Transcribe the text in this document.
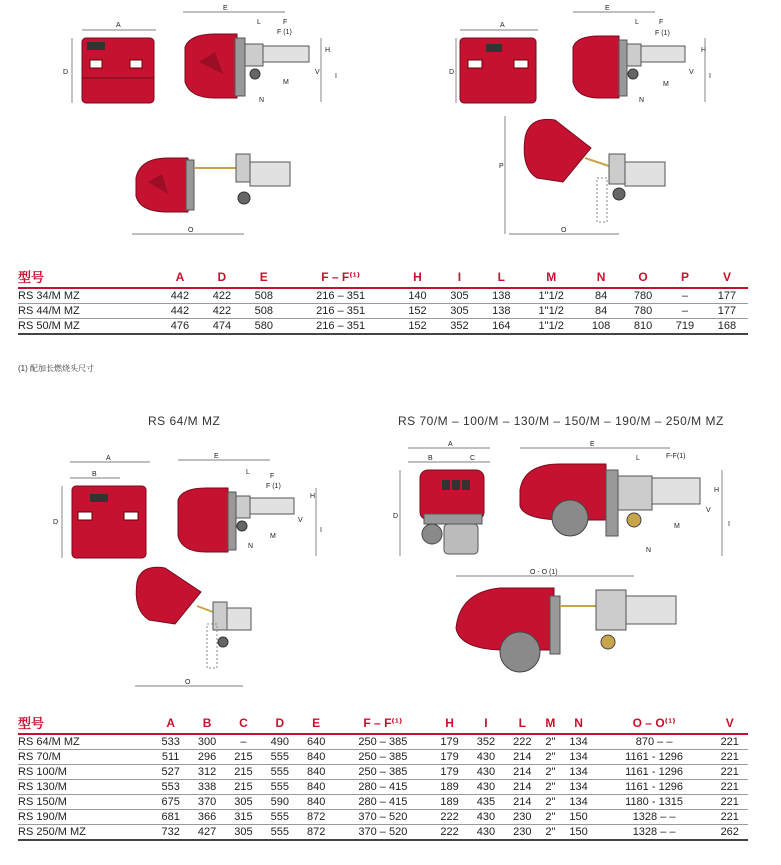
A
D
E
L	F
F (1)
H
I
V
M
N
O
A
D
E
L	F
F (1)
H
I
V
M
N
P
O
型号	A	D	E	F – F⁽¹⁾	H	I	L	M	N	O	P	V
RS 34/M MZ	442	422	508	216 – 351	140	305	138	1"1/2	84	780	–	177
RS 44/M MZ	442	422	508	216 – 351	152	305	138	1"1/2	84	780	–	177
RS 50/M MZ	476	474	580	216 – 351	152	352	164	1"1/2	108	810	719	168
(1) 配加长燃烧头尺寸
RS 64/M MZ	RS 70/M – 100/M – 130/M – 150/M – 190/M – 250/M MZ
A
B
D
E
L
F
F (1)
H
I
V
M
N
O
A
B	C
D
E
L	F-F(1)
H
I
V
M
N
O - O (1)
型号	A	B	C	D	E	F – F⁽¹⁾	H	I	L	M	N	O – O⁽¹⁾	V
RS 64/M MZ	533	300	–	490	640	250 – 385	179	352	222	2"	134	870 – –	221
RS 70/M	511	296	215	555	840	250 – 385	179	430	214	2"	134	1161 - 1296	221
RS 100/M	527	312	215	555	840	250 – 385	179	430	214	2"	134	1161 - 1296	221
RS 130/M	553	338	215	555	840	280 – 415	189	430	214	2"	134	1161 - 1296	221
RS 150/M	675	370	305	590	840	280 – 415	189	435	214	2"	134	1180 - 1315	221
RS 190/M	681	366	315	555	872	370 – 520	222	430	230	2"	150	1328 – –	221
RS 250/M MZ	732	427	305	555	872	370 – 520	222	430	230	2"	150	1328 – –	262
